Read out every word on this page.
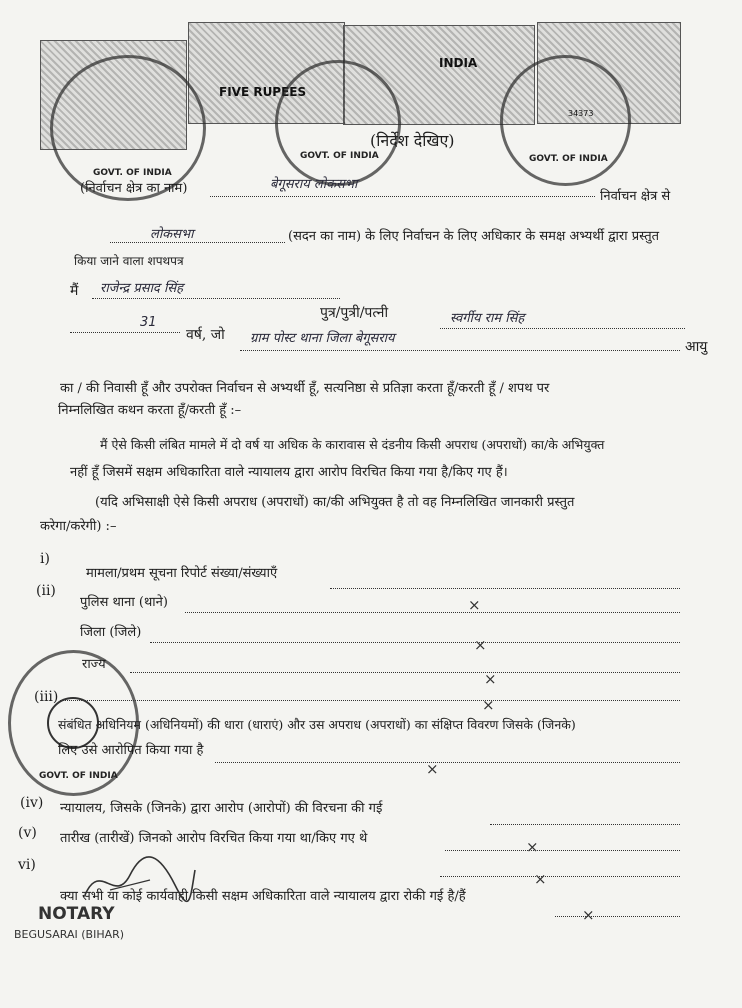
FIVE RUPEES
INDIA
34373
GOVT. OF INDIA
GOVT. OF INDIA	GOVT. OF INDIA
GOVT. OF INDIA
(निर्देश देखिए)
(निर्वाचन क्षेत्र का नाम)	बेगूसराय लोकसभा
निर्वाचन क्षेत्र से
लोकसभा	(सदन का नाम) के लिए निर्वाचन के लिए अधिकार के समक्ष अभ्यर्थी द्वारा प्रस्तुत
किया जाने वाला शपथपत्र
मैं राजेन्द्र प्रसाद सिंह
पुत्र/पुत्री/पत्नी	स्वर्गीय राम सिंह
31
वर्ष, जो ग्राम पोस्ट थाना जिला बेगूसराय
आयु
का / की निवासी हूँ और उपरोक्त निर्वाचन से अभ्यर्थी हूँ, सत्यनिष्ठा से प्रतिज्ञा करता हूँ/करती हूँ / शपथ पर
निम्नलिखित कथन करता हूँ/करती हूँ :–
मैं ऐसे किसी लंबित मामले में दो वर्ष या अधिक के कारावास से दंडनीय किसी अपराध (अपराधों) का/के अभियुक्त
नहीं हूँ जिसमें सक्षम अधिकारिता वाले न्यायालय द्वारा आरोप विरचित किया गया है/किए गए हैं।
(यदि अभिसाक्षी ऐसे किसी अपराध (अपराधों) का/की अभियुक्त है तो वह निम्नलिखित जानकारी प्रस्तुत
करेगा/करेगी) :–
i)
मामला/प्रथम सूचना रिपोर्ट संख्या/संख्याएँ
×
(ii)
पुलिस थाना (थाने)
जिला (जिले)
×
राज्य
×
(iii)	×
संबंधित अधिनियम (अधिनियमों) की धारा (धाराएं) और उस अपराध (अपराधों) का संक्षिप्त विवरण जिसके (जिनके)
लिए उसे आरोपित किया गया है
×
(iv) न्यायालय, जिसके (जिनके) द्वारा आरोप (आरोपों) की विरचना की गई
(v) तारीख (तारीखें) जिनको आरोप विरचित किया गया था/किए गए थे	×
vi)
×
क्या सभी या कोई कार्यवाही किसी सक्षम अधिकारिता वाले न्यायालय द्वारा रोकी गई है/हैं
×
NOTARY
BEGUSARAI (BIHAR)
